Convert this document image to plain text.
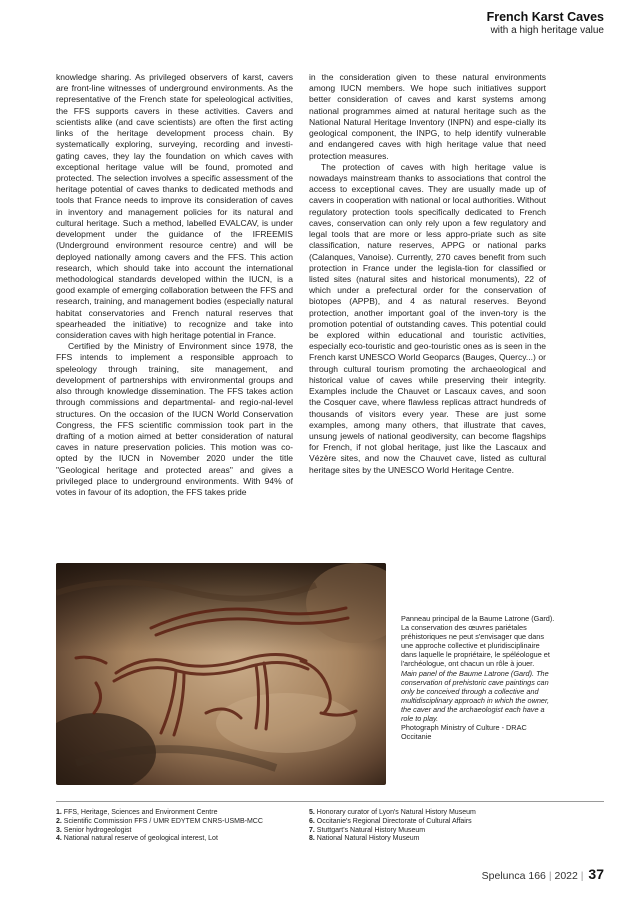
French Karst Caves
with a high heritage value

knowledge sharing. As privileged observers of karst, cavers are front-line witnesses of underground environments. As the representative of the French state for speleological activities, the FFS supports cavers in these activities. Cavers and scientists alike (and cave scientists) are often the first acting links of the heritage development process chain. By systematically exploring, surveying, recording and investi-gating caves, they lay the foundation on which caves with exceptional heritage value will be found, promoted and protected. The selection involves a specific assessment of the heritage potential of caves thanks to dedicated methods and tools that France needs to improve its consideration of caves in inventory and management policies for its natural and cultural heritage. Such a method, labelled EVALCAV, is under development under the guidance of the IFREEMIS (Underground environment resource centre) and will be deployed nationally among cavers and the FFS. This action research, which should take into account the international methodological standards developed within the IUCN, is a good example of emerging collaboration between the FFS and research, training, and management bodies (especially natural habitat conservatories and French natural reserves that spearheaded the initiative) to recognize and take into consideration caves with high heritage potential in France.

Certified by the Ministry of Environment since 1978, the FFS intends to implement a responsible approach to speleology through training, site management, and development of partnerships with environmental groups and also through knowledge dissemination. The FFS takes action through commissions and departmental- and regio-nal-level structures. On the occasion of the IUCN World Conservation Congress, the FFS scientific commission took part in the drafting of a motion aimed at better consideration of natural caves in nature preservation policies. This motion was co-opted by the IUCN in November 2020 under the title "Geological heritage and protected areas" and gives a privileged place to underground environments. With 94% of votes in favour of its adoption, the FFS takes pride

in the consideration given to these natural environments among IUCN members. We hope such initiatives support better consideration of caves and karst systems among national programmes aimed at natural heritage such as the National Natural Heritage Inventory (INPN) and espe-cially its geological component, the INPG, to help identify vulnerable and endangered caves with high heritage value that need protection measures.

The protection of caves with high heritage value is nowadays mainstream thanks to associations that control the access to exceptional caves. They are usually made up of cavers in cooperation with national or local authorities. Without regulatory protection tools specifically dedicated to French caves, conservation can only rely upon a few regulatory and legal tools that are more or less appro-priate such as site classification, nature reserves, APPG or national parks (Calanques, Vanoise). Currently, 270 caves benefit from such protection in France under the legisla-tion for classified or listed sites (natural sites and historical monuments), 22 of which under a prefectural order for the conservation of biotopes (APPB), and 4 as natural reserves. Beyond protection, another important goal of the inven-tory is the promotion potential of outstanding caves. This potential could be explored within educational and touristic activities, especially eco-touristic and geo-touristic ones as is seen in the French karst UNESCO World Geoparcs (Bauges, Quercy...) or through cultural tourism promoting the archaeological and historical value of caves while preserving their integrity. Examples include the Chauvet or Lascaux caves, and soon the Cosquer cave, where flawless replicas attract hundreds of thousands of visitors every year. These are just some examples, among many others, that illustrate that caves, unsung jewels of national geodiversity, can become flagships for French, if not global heritage, just like the Lascaux and Vézère sites, and now the Chauvet cave, listed as cultural heritage sites by the UNESCO World Heritage Centre.

Panneau principal de la Baume Latrone (Gard). La conservation des œuvres pariétales préhistoriques ne peut s'envisager que dans une approche collective et pluridisciplinaire dans laquelle le propriétaire, le spéléologue et l'archéologue, ont chacun un rôle à jouer.
Main panel of the Baume Latrone (Gard). The conservation of prehistoric cave paintings can only be conceived through a collective and multidisciplinary approach in which the owner, the caver and the archaeologist each have a role to play.
Photograph Ministry of Culture - DRAC Occitanie
1. FFS, Heritage, Sciences and Environment Centre
2. Scientific Commission FFS / UMR EDYTEM CNRS-USMB-MCC
3. Senior hydrogeologist
4. National natural reserve of geological interest, Lot
5. Honorary curator of Lyon's Natural History Museum
6. Occitanie's Regional Directorate of Cultural Affairs
7. Stuttgart's Natural History Museum
8. National Natural History Museum
Spelunca 166 | 2022 | 37
